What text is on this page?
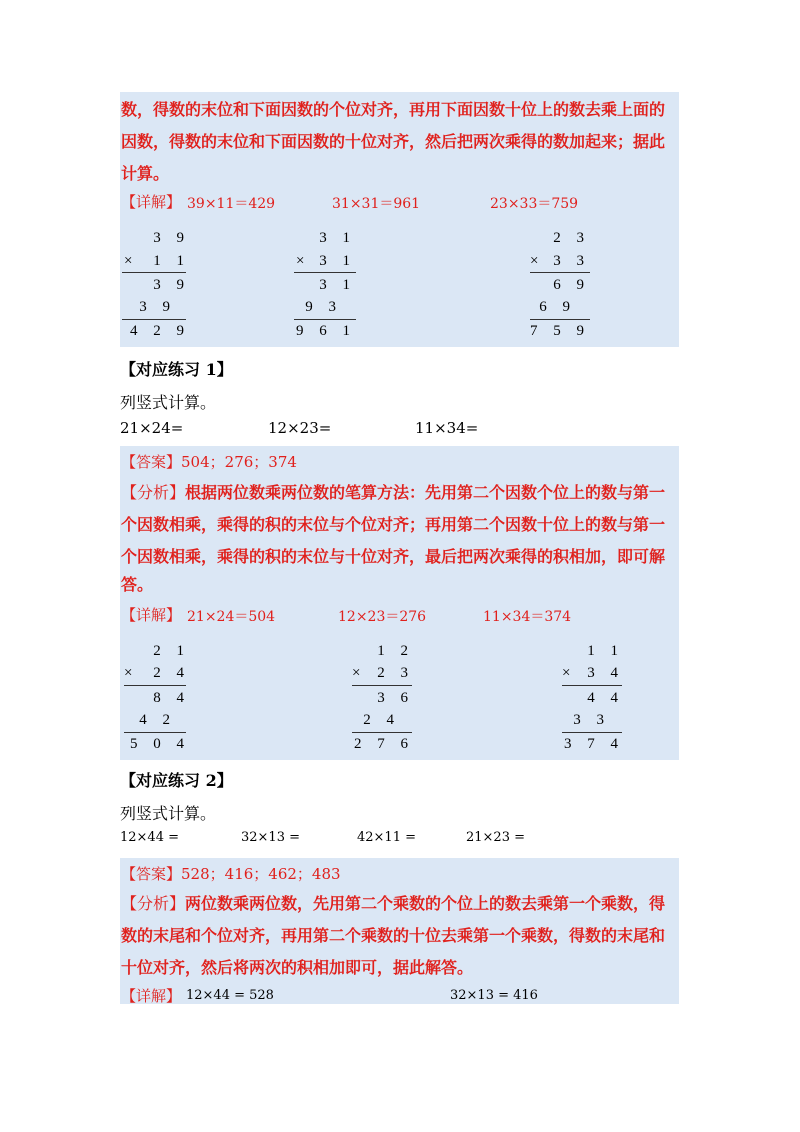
数，得数的末位和下面因数的个位对齐，再用下面因数十位上的数去乘上面的
因数，得数的末位和下面因数的十位对齐，然后把两次乘得的数加起来；据此
计算。
【详解】 39×11＝429	31×31＝961	23×33＝759
3 9
× 1 1
3 9
3 9
4 2 9
3 1
× 3 1
3 1
9 3
9 6 1
2 3
× 3 3
6 9
6 9
7 5 9
【对应练习 1】
列竖式计算。
21×24=	12×23=	11×34=
【答案】504；276；374
【分析】根据两位数乘两位数的笔算方法：先用第二个因数个位上的数与第一
个因数相乘，乘得的积的末位与个位对齐；再用第二个因数十位上的数与第一
个因数相乘，乘得的积的末位与十位对齐，最后把两次乘得的积相加，即可解
答。
【详解】 21×24＝504	12×23＝276	11×34＝374
2 1
× 2 4
8 4
4 2
5 0 4
1 2
× 2 3
3 6
2 4
2 7 6
1 1
× 3 4
4 4
3 3
3 7 4
【对应练习 2】
列竖式计算。
12×44 =	32×13 =	42×11 =	21×23 =
【答案】528；416；462；483
【分析】两位数乘两位数，先用第二个乘数的个位上的数去乘第一个乘数，得
数的末尾和个位对齐，再用第二个乘数的十位去乘第一个乘数，得数的末尾和
十位对齐，然后将两次的积相加即可，据此解答。
【详解】 12×44 = 528	32×13 = 416
